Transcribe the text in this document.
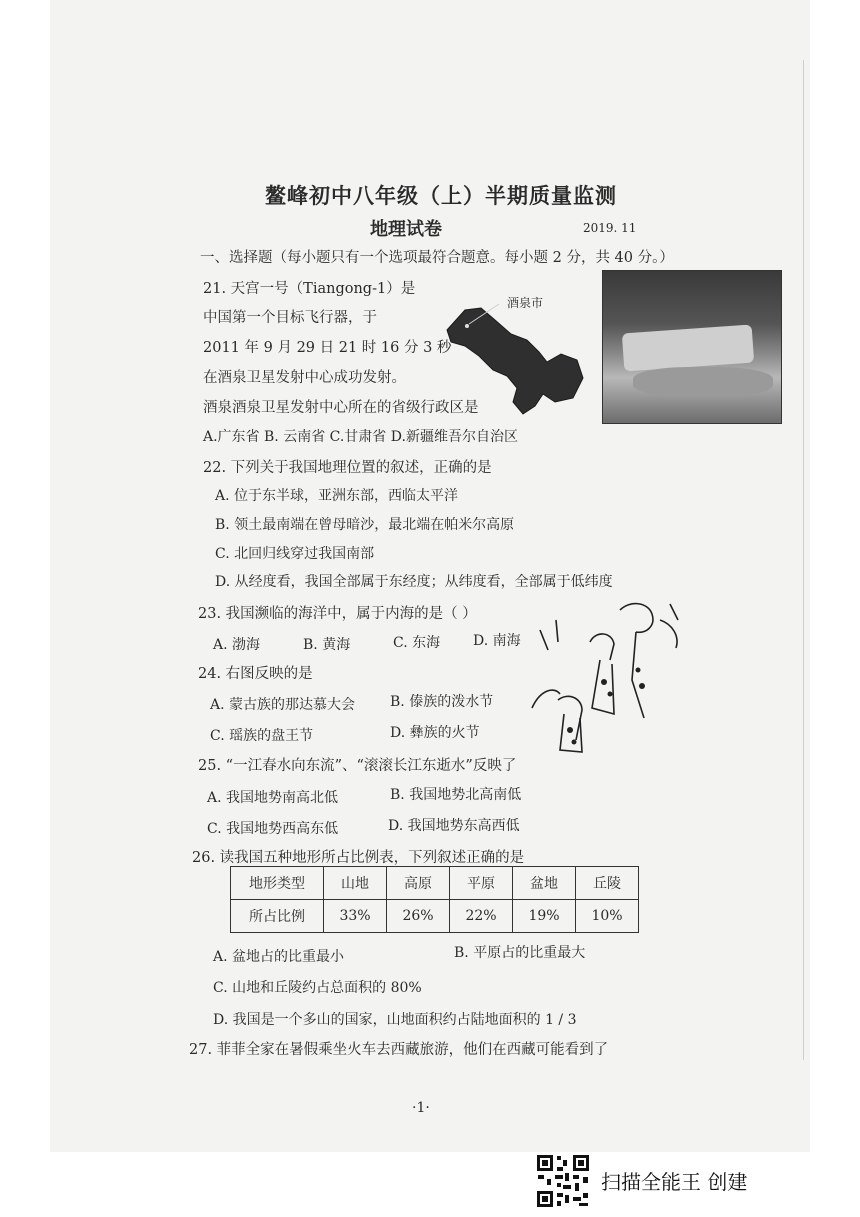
鳌峰初中八年级（上）半期质量监测
地理试卷	2019. 11
一、选择题（每小题只有一个选项最符合题意。每小题 2 分，共 40 分。）
21. 天宫一号（Tiangong-1）是
中国第一个目标飞行器，于
2011 年 9 月 29 日 21 时 16 分 3 秒
在酒泉卫星发射中心成功发射。
酒泉酒泉卫星发射中心所在的省级行政区是
A.广东省 B. 云南省 C.甘肃省 D.新疆维吾尔自治区
酒泉市
22. 下列关于我国地理位置的叙述，正确的是
A. 位于东半球，亚洲东部，西临太平洋
B. 领土最南端在曾母暗沙，最北端在帕米尔高原
C. 北回归线穿过我国南部
D. 从经度看，我国全部属于东经度；从纬度看，全部属于低纬度
23. 我国濒临的海洋中，属于内海的是（ ）
A. 渤海	B. 黄海	C. 东海 D. 南海
24. 右图反映的是
A. 蒙古族的那达慕大会 B. 傣族的泼水节
C. 瑶族的盘王节	D. 彝族的火节
25. “一江春水向东流”、“滚滚长江东逝水”反映了
A. 我国地势南高北低	B. 我国地势北高南低
C. 我国地势西高东低	D. 我国地势东高西低
26. 读我国五种地形所占比例表，下列叙述正确的是
地形类型	山地	高原	平原	盆地	丘陵
所占比例	33%	26%	22%	19%	10%
A. 盆地占的比重最小	B. 平原占的比重最大
C. 山地和丘陵约占总面积的 80%
D. 我国是一个多山的国家，山地面积约占陆地面积的 1 / 3
27. 菲菲全家在暑假乘坐火车去西藏旅游，他们在西藏可能看到了
·1·
扫描全能王 创建
